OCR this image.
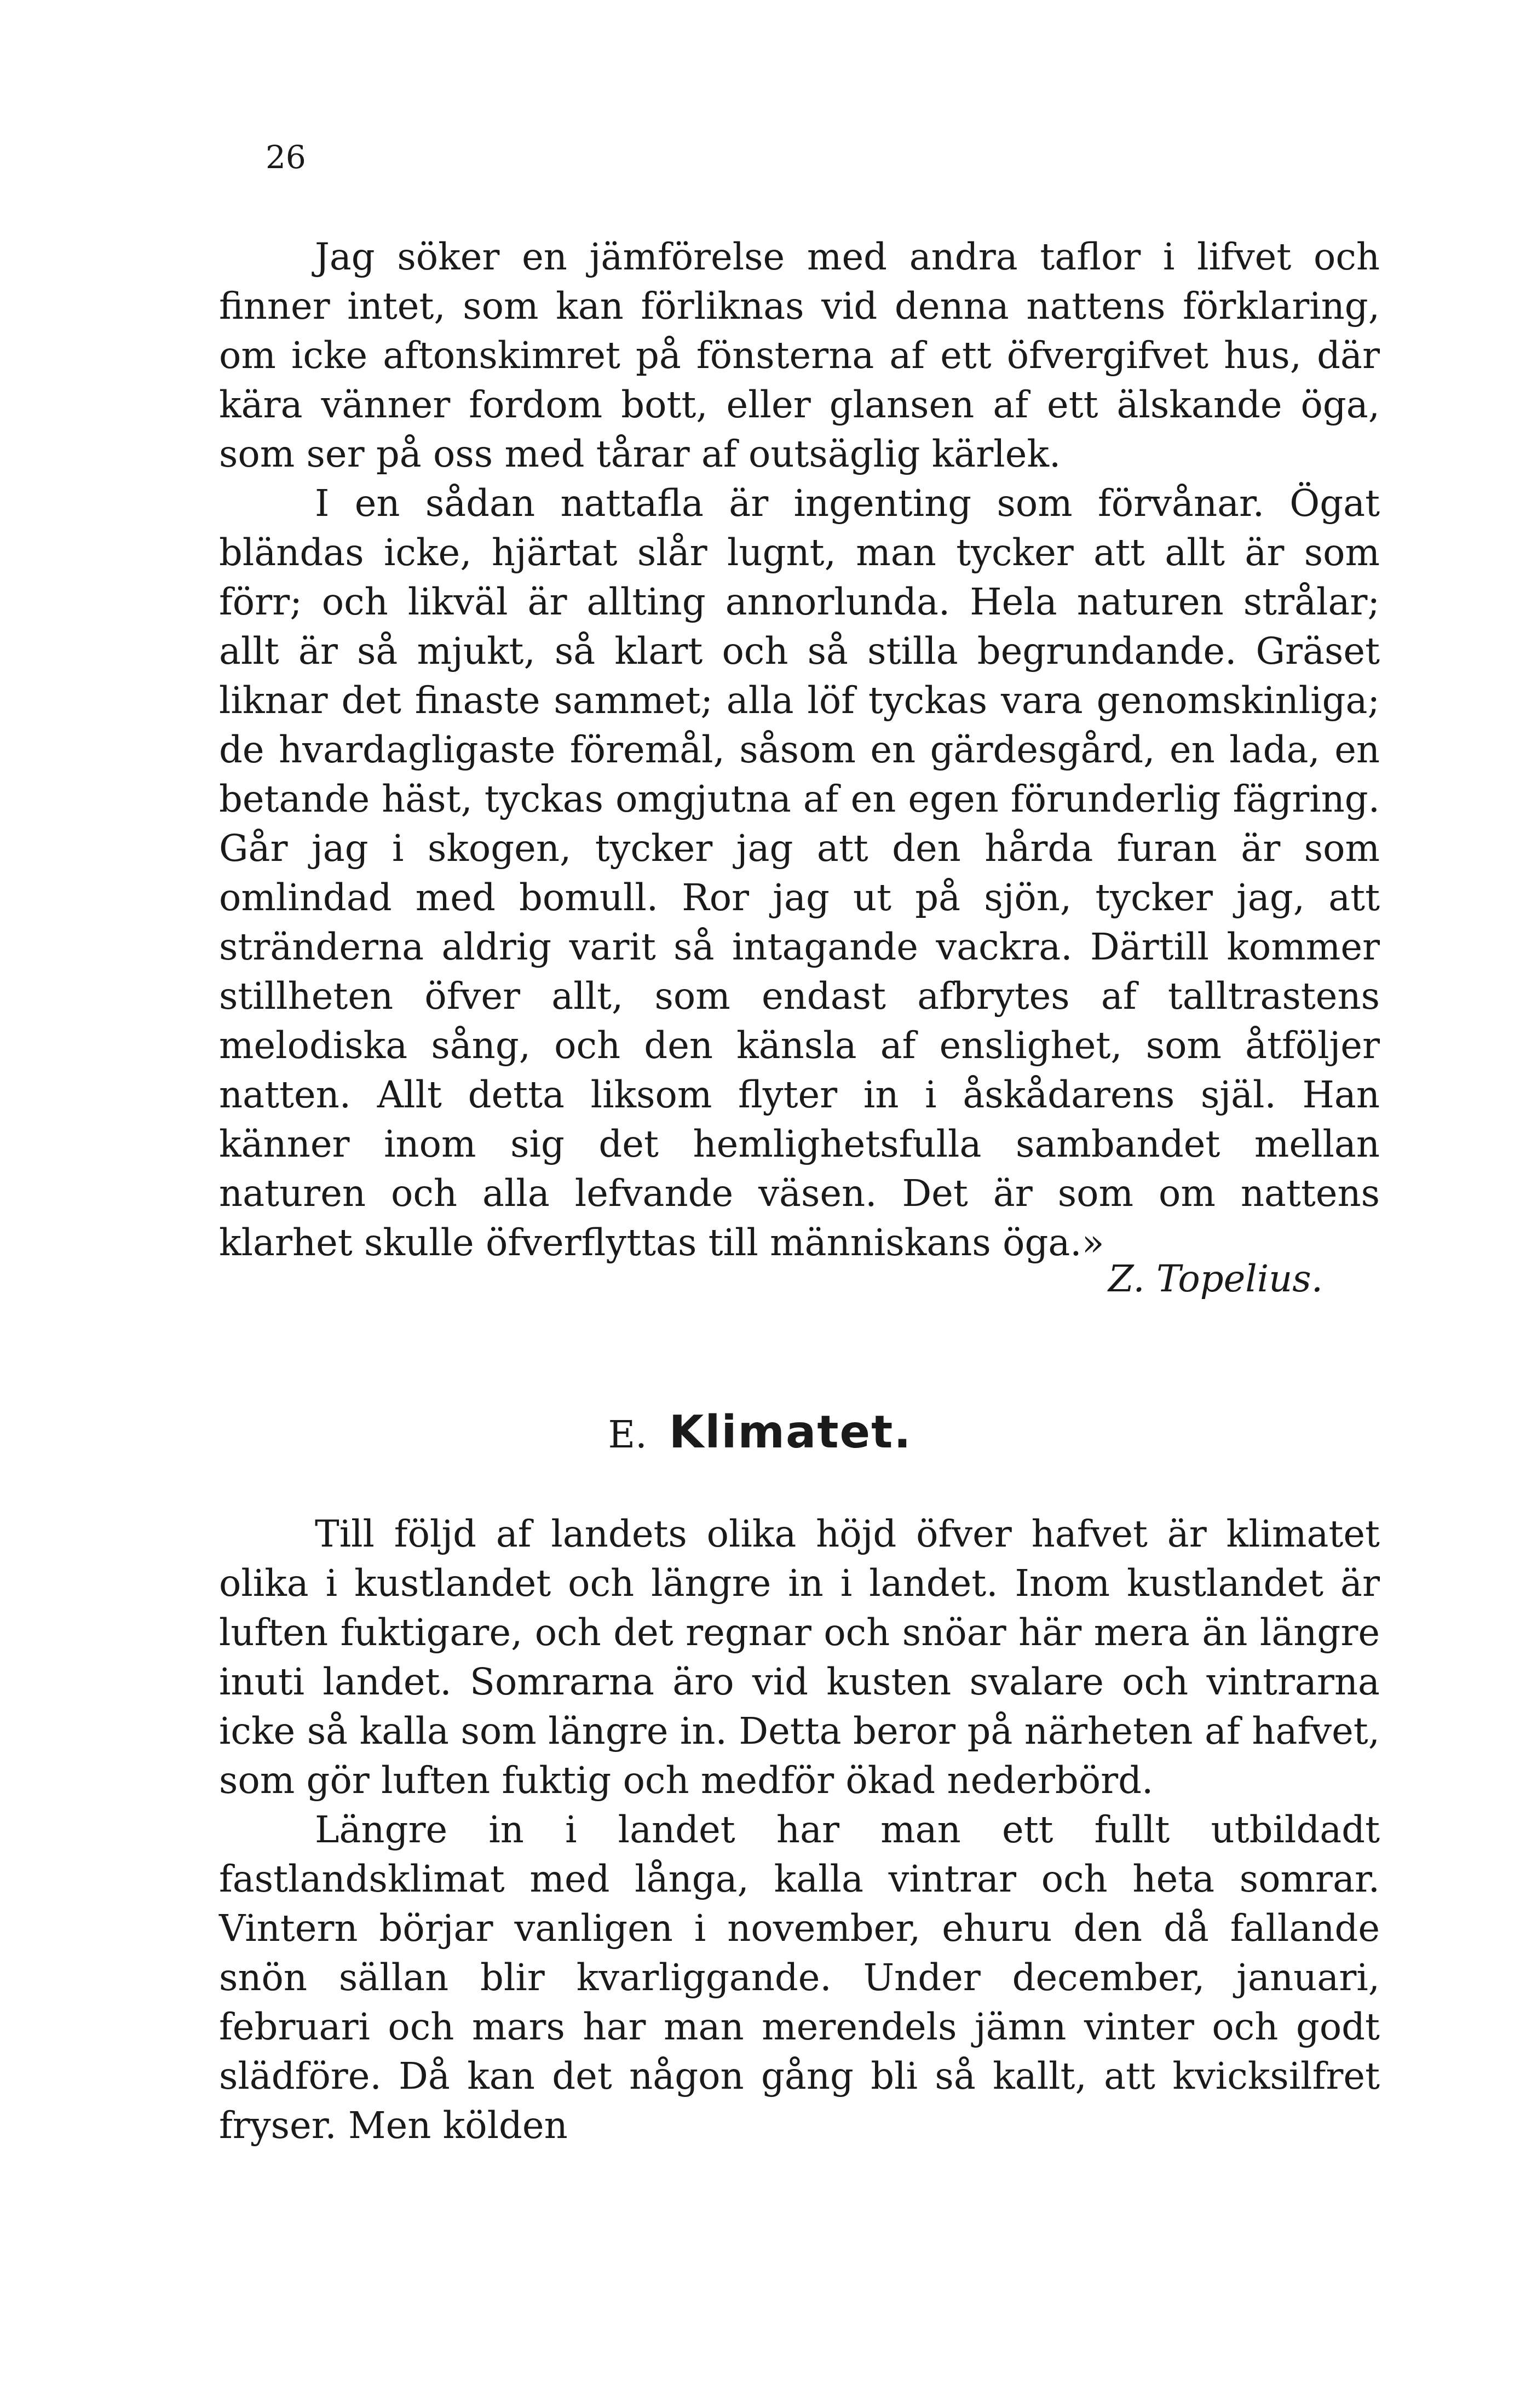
26

Jag söker en jämförelse med andra taflor i lifvet och finner intet, som kan förliknas vid denna nattens förklaring, om icke aftonskimret på fönsterna af ett öfvergifvet hus, där kära vänner fordom bott, eller glansen af ett älskande öga, som ser på oss med tårar af outsäglig kärlek.

I en sådan nattafla är ingenting som förvånar. Ögat bländas icke, hjärtat slår lugnt, man tycker att allt är som förr; och likväl är allting annorlunda. Hela naturen strålar; allt är så mjukt, så klart och så stilla begrundande. Gräset liknar det finaste sammet; alla löf tyckas vara genomskinliga; de hvardagligaste föremål, såsom en gärdesgård, en lada, en betande häst, tyckas omgjutna af en egen förunderlig fägring. Går jag i skogen, tycker jag att den hårda furan är som omlindad med bomull. Ror jag ut på sjön, tycker jag, att stränderna aldrig varit så intagande vackra. Därtill kommer stillheten öfver allt, som endast afbrytes af talltrastens melodiska sång, och den känsla af enslighet, som åtföljer natten. Allt detta liksom flyter in i åskådarens själ. Han känner inom sig det hemlighetsfulla sambandet mellan naturen och alla lefvande väsen. Det är som om nattens klarhet skulle öfverflyttas till människans öga.»

Z. Topelius.
E. Klimatet.

Till följd af landets olika höjd öfver hafvet är klimatet olika i kustlandet och längre in i landet. Inom kustlandet är luften fuktigare, och det regnar och snöar här mera än längre inuti landet. Somrarna äro vid kusten svalare och vintrarna icke så kalla som längre in. Detta beror på närheten af hafvet, som gör luften fuktig och medför ökad nederbörd.

Längre in i landet har man ett fullt utbildadt fastlandsklimat med långa, kalla vintrar och heta somrar. Vintern börjar vanligen i november, ehuru den då fallande snön sällan blir kvarliggande. Under december, januari, februari och mars har man merendels jämn vinter och godt slädföre. Då kan det någon gång bli så kallt, att kvicksilfret fryser. Men kölden
